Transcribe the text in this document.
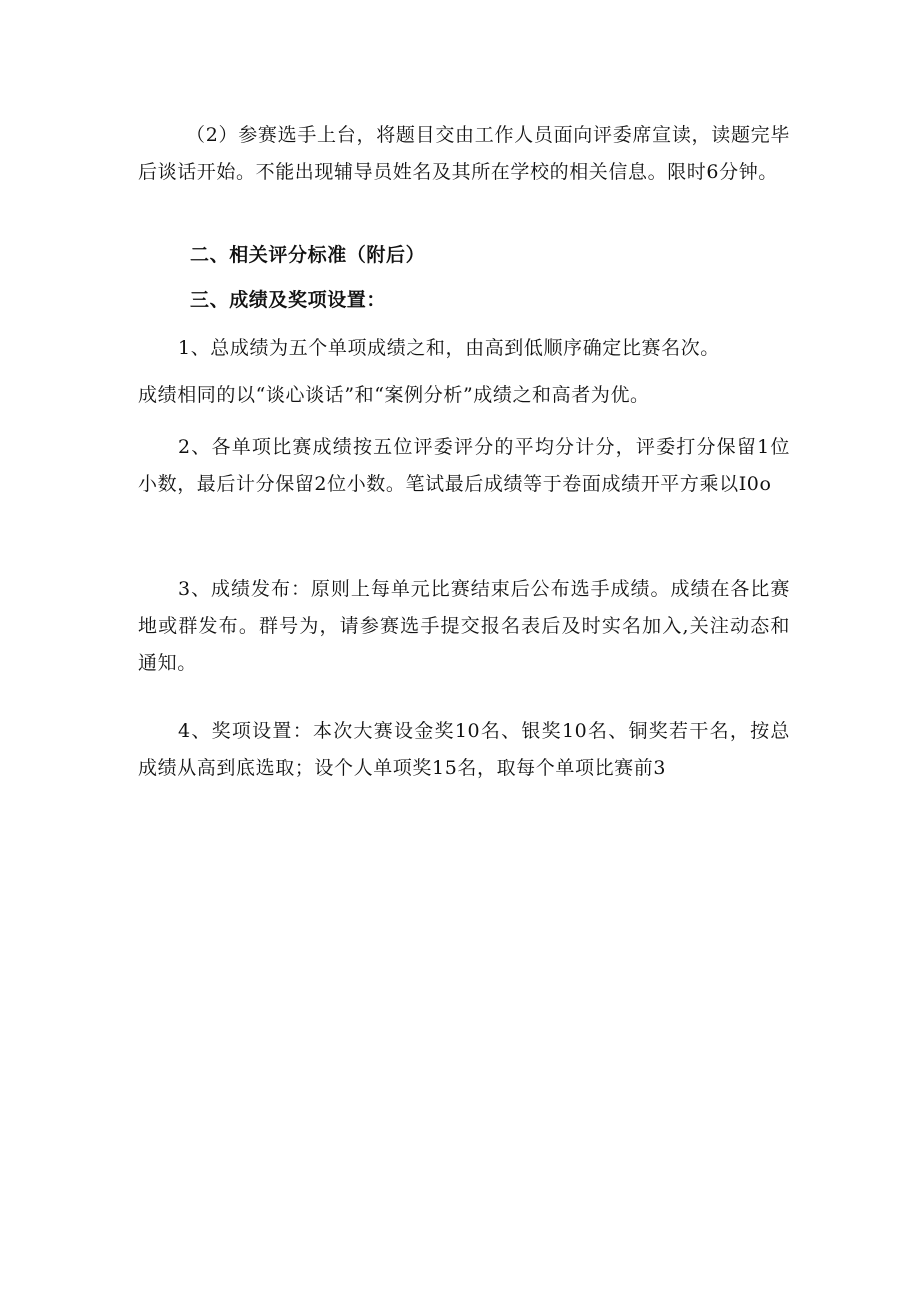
（2）参赛选手上台，将题目交由工作人员面向评委席宣读，读题完毕后谈话开始。不能出现辅导员姓名及其所在学校的相关信息。限时6分钟。
二、相关评分标准（附后）
三、成绩及奖项设置：
1、总成绩为五个单项成绩之和，由高到低顺序确定比赛名次。
成绩相同的以“谈心谈话”和“案例分析”成绩之和高者为优。
2、各单项比赛成绩按五位评委评分的平均分计分，评委打分保留1位小数，最后计分保留2位小数。笔试最后成绩等于卷面成绩开平方乘以I0o
3、成绩发布：原则上每单元比赛结束后公布选手成绩。成绩在各比赛地或群发布。群号为，请参赛选手提交报名表后及时实名加入,关注动态和通知。
4、奖项设置：本次大赛设金奖10名、银奖10名、铜奖若干名，按总成绩从高到底选取；设个人单项奖15名，取每个单项比赛前3
